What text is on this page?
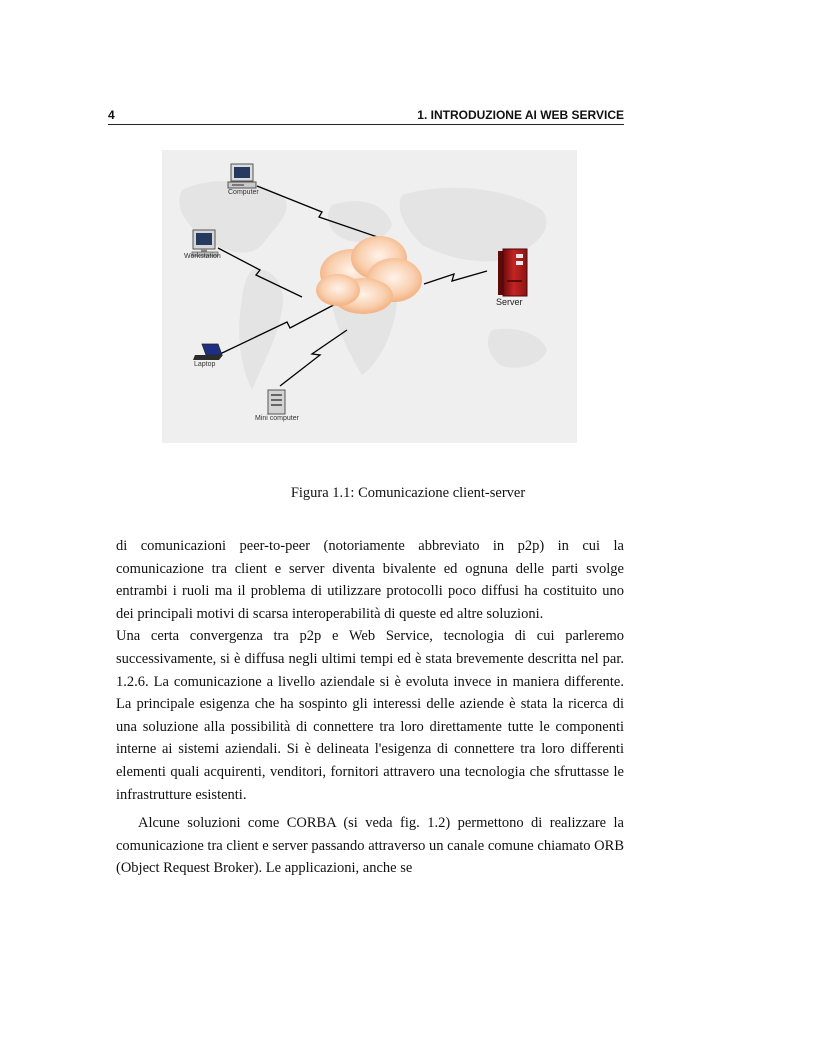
4	1. INTRODUZIONE AI WEB SERVICE
Computer
Workstation
Laptop
Mini computer
Server
Figura 1.1: Comunicazione client-server

di comunicazioni peer-to-peer (notoriamente abbreviato in p2p) in cui la comunicazione tra client e server diventa bivalente ed ognuna delle parti svolge entrambi i ruoli ma il problema di utilizzare protocolli poco diffusi ha costituito uno dei principali motivi di scarsa interoperabilità di queste ed altre soluzioni.

Una certa convergenza tra p2p e Web Service, tecnologia di cui parleremo successivamente, si è diffusa negli ultimi tempi ed è stata brevemente descritta nel par. 1.2.6. La comunicazione a livello aziendale si è evoluta invece in maniera differente. La principale esigenza che ha sospinto gli interessi delle aziende è stata la ricerca di una soluzione alla possibilità di connettere tra loro direttamente tutte le componenti interne ai sistemi aziendali. Si è delineata l'esigenza di connettere tra loro differenti elementi quali acquirenti, venditori, fornitori attravero una tecnologia che sfruttasse le infrastrutture esistenti.

Alcune soluzioni come CORBA (si veda fig. 1.2) permettono di realizzare la comunicazione tra client e server passando attraverso un canale comune chiamato ORB (Object Request Broker). Le applicazioni, anche se
